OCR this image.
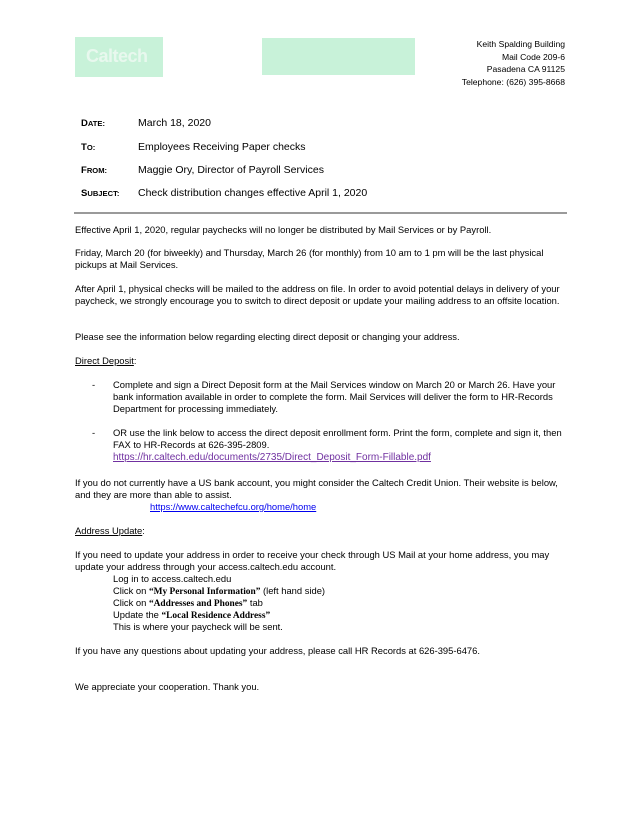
Caltech
Keith Spalding Building
Mail Code 209-6
Pasadena CA 91125
Telephone: (626) 395-8668
DATE:	March 18, 2020
TO:	Employees Receiving Paper checks
FROM:	Maggie Ory, Director of Payroll Services
SUBJECT: Check distribution changes effective April 1, 2020
Effective April 1, 2020, regular paychecks will no longer be distributed by Mail Services or by Payroll.
Friday, March 20 (for biweekly) and Thursday, March 26 (for monthly) from 10 am to 1 pm will be the last physical pickups at Mail Services.
After April 1, physical checks will be mailed to the address on file. In order to avoid potential delays in delivery of your paycheck, we strongly encourage you to switch to direct deposit or update your mailing address to an offsite location.
Please see the information below regarding electing direct deposit or changing your address.
Direct Deposit:
- Complete and sign a Direct Deposit form at the Mail Services window on March 20 or March 26. Have your bank information available in order to complete the form. Mail Services will deliver the form to HR-Records Department for processing immediately.
- OR use the link below to access the direct deposit enrollment form. Print the form, complete and sign it, then FAX to HR-Records at 626-395-2809.
https://hr.caltech.edu/documents/2735/Direct_Deposit_Form-Fillable.pdf
If you do not currently have a US bank account, you might consider the Caltech Credit Union. Their website is below, and they are more than able to assist.
https://www.caltechefcu.org/home/home
Address Update:
If you need to update your address in order to receive your check through US Mail at your home address, you may update your address through your access.caltech.edu account.
Log in to access.caltech.edu
Click on “My Personal Information” (left hand side)
Click on “Addresses and Phones” tab
Update the “Local Residence Address”
This is where your paycheck will be sent.
If you have any questions about updating your address, please call HR Records at 626-395-6476.
We appreciate your cooperation. Thank you.
